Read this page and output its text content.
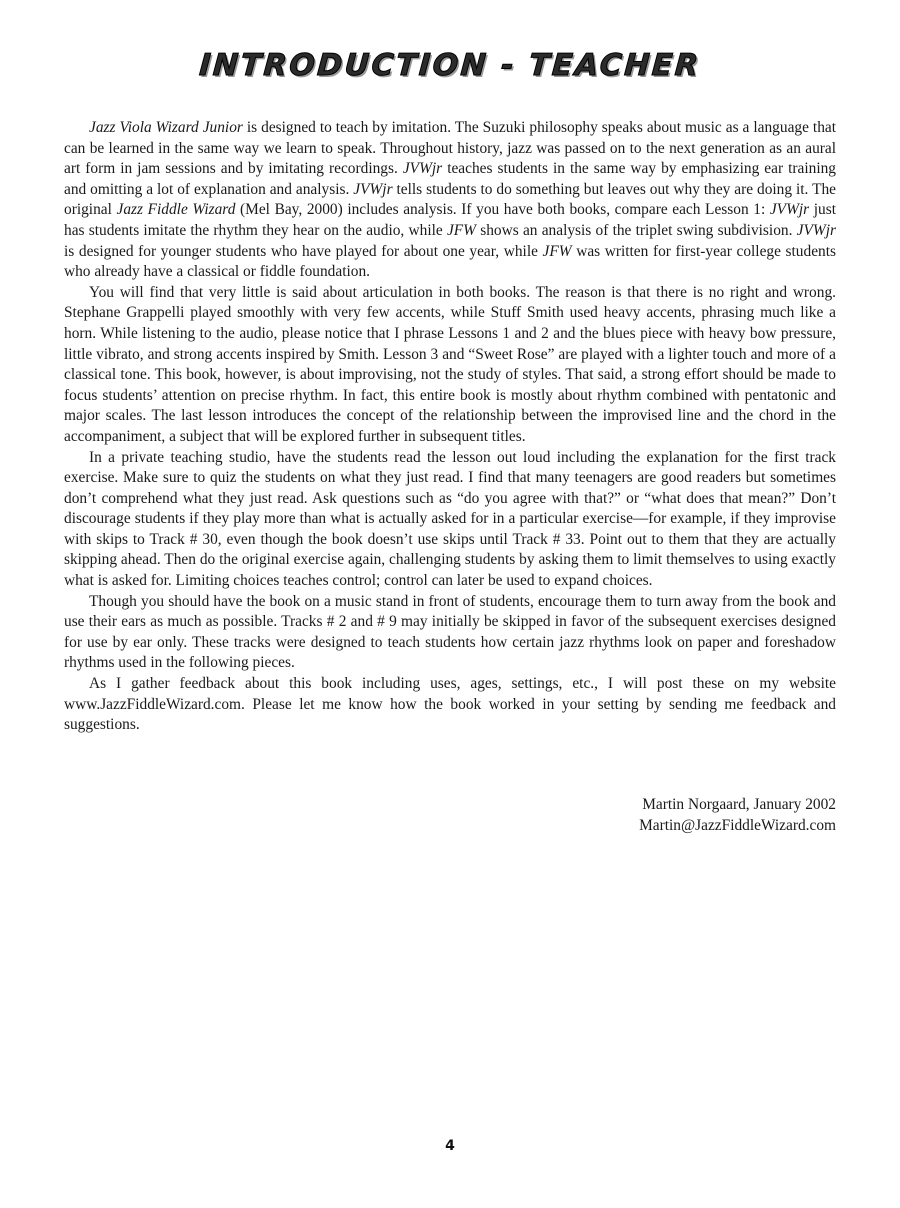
INTRODUCTION - TEACHER

Jazz Viola Wizard Junior is designed to teach by imitation. The Suzuki philosophy speaks about music as a language that can be learned in the same way we learn to speak. Throughout history, jazz was passed on to the next generation as an aural art form in jam sessions and by imitating recordings. JVWjr teaches students in the same way by emphasizing ear training and omitting a lot of explanation and analysis. JVWjr tells students to do something but leaves out why they are doing it. The original Jazz Fiddle Wizard (Mel Bay, 2000) includes analysis. If you have both books, compare each Lesson 1: JVWjr just has students imitate the rhythm they hear on the audio, while JFW shows an analysis of the triplet swing subdivision. JVWjr is designed for younger students who have played for about one year, while JFW was written for first-year college students who already have a classical or fiddle foundation.

You will find that very little is said about articulation in both books. The reason is that there is no right and wrong. Stephane Grappelli played smoothly with very few accents, while Stuff Smith used heavy accents, phrasing much like a horn. While listening to the audio, please notice that I phrase Lessons 1 and 2 and the blues piece with heavy bow pressure, little vibrato, and strong accents inspired by Smith. Lesson 3 and “Sweet Rose” are played with a lighter touch and more of a classical tone. This book, however, is about improvising, not the study of styles. That said, a strong effort should be made to focus students’ attention on precise rhythm. In fact, this entire book is mostly about rhythm combined with pentatonic and major scales. The last lesson introduces the concept of the relationship between the improvised line and the chord in the accompaniment, a subject that will be explored further in subsequent titles.

In a private teaching studio, have the students read the lesson out loud including the explanation for the first track exercise. Make sure to quiz the students on what they just read. I find that many teenagers are good readers but sometimes don’t comprehend what they just read. Ask questions such as “do you agree with that?” or “what does that mean?” Don’t discourage students if they play more than what is actually asked for in a particular exercise—for example, if they improvise with skips to Track # 30, even though the book doesn’t use skips until Track # 33. Point out to them that they are actually skipping ahead. Then do the original exercise again, challenging students by asking them to limit themselves to using exactly what is asked for. Limiting choices teaches control; control can later be used to expand choices.

Though you should have the book on a music stand in front of students, encourage them to turn away from the book and use their ears as much as possible. Tracks # 2 and # 9 may initially be skipped in favor of the subsequent exercises designed for use by ear only. These tracks were designed to teach students how certain jazz rhythms look on paper and foreshadow rhythms used in the following pieces.

As I gather feedback about this book including uses, ages, settings, etc., I will post these on my website www.JazzFiddleWizard.com. Please let me know how the book worked in your setting by sending me feedback and suggestions.

Martin Norgaard, January 2002
Martin@JazzFiddleWizard.com
4
